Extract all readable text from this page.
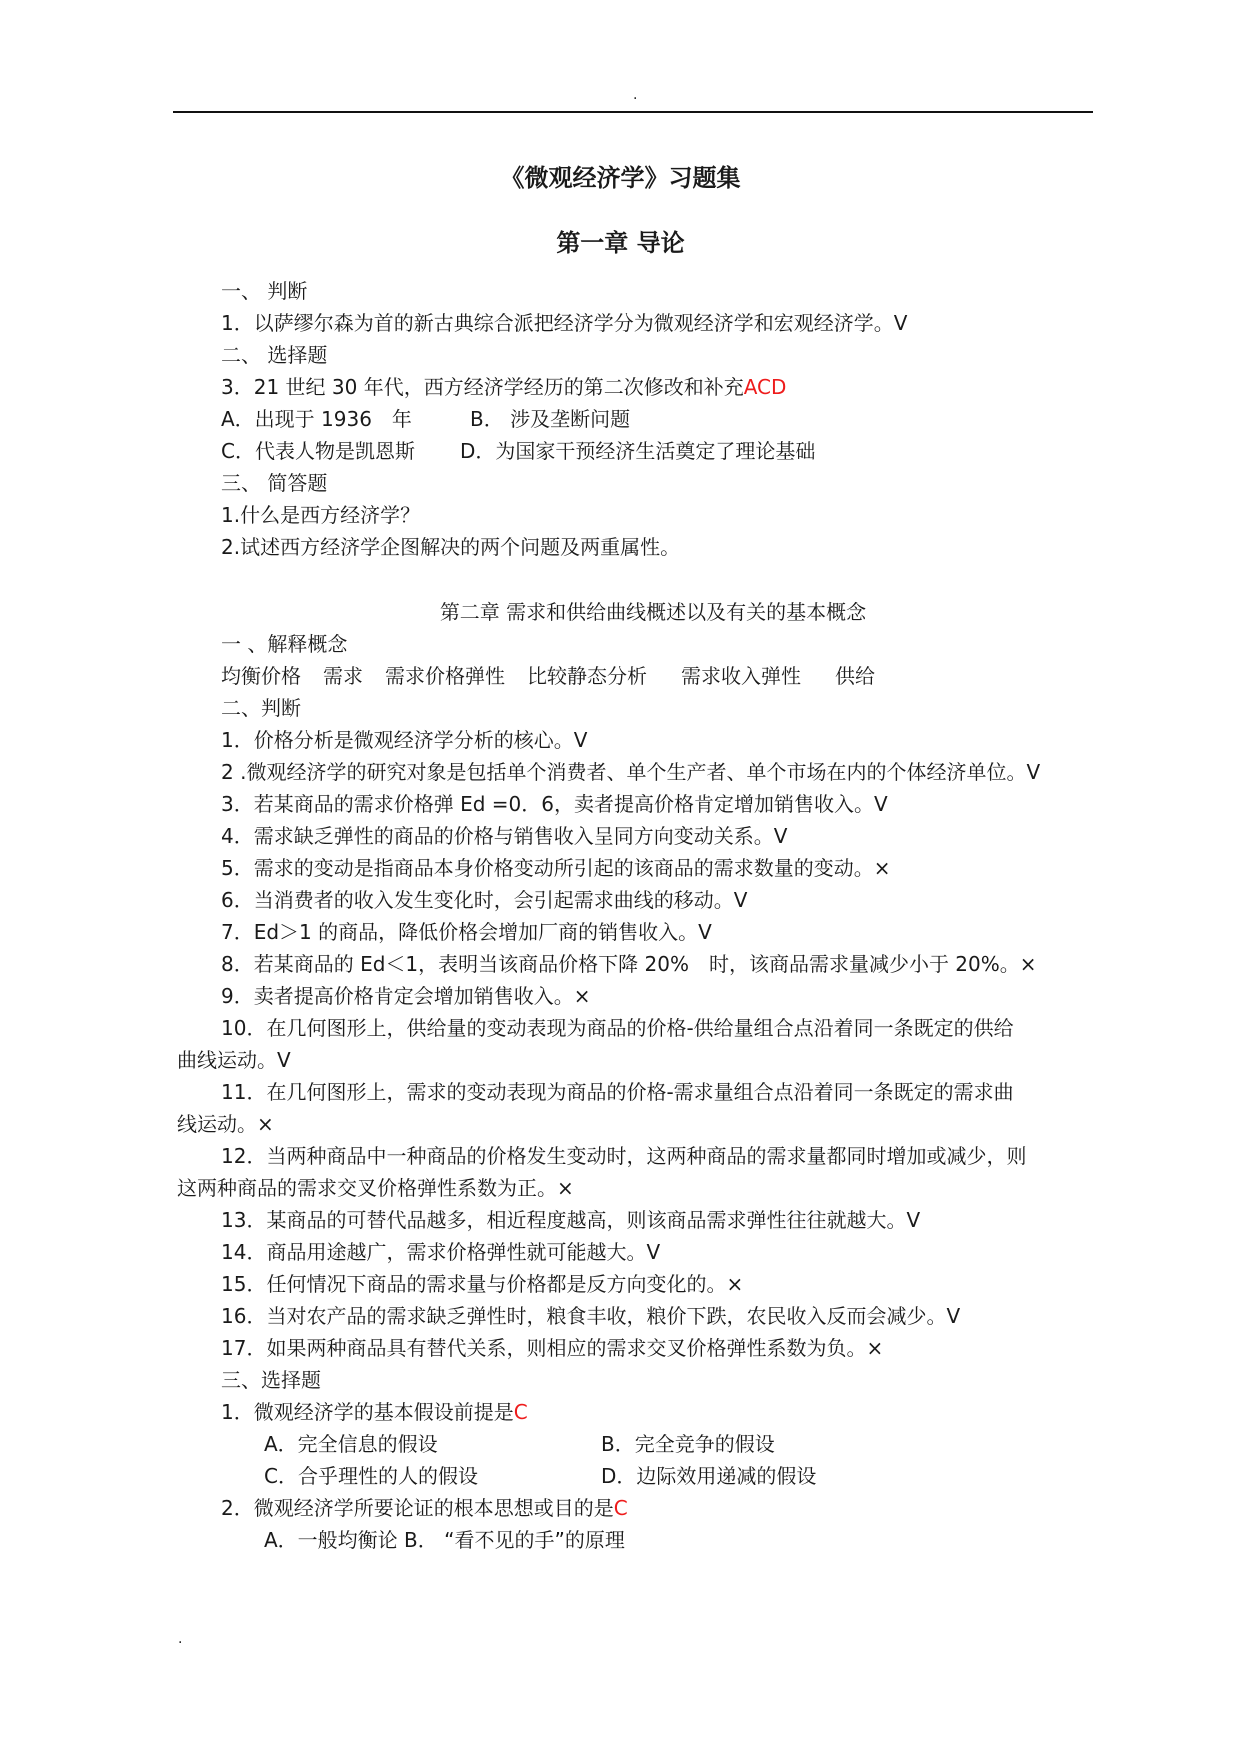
.
《微观经济学》习题集
第一章 导论
一、 判断
1．以萨缪尔森为首的新古典综合派把经济学分为微观经济学和宏观经济学。V
二、 选择题
3．21 世纪 30 年代，西方经济学经历的第二次修改和补充ACD
A．出现于 1936　年	B． 涉及垄断问题
C．代表人物是凯恩斯 D．为国家干预经济生活奠定了理论基础
三、 简答题
1.什么是西方经济学？
2.试述西方经济学企图解决的两个问题及两重属性。
第二章 需求和供给曲线概述以及有关的基本概念
一 、解释概念
均衡价格 需求 需求价格弹性 比较静态分析 需求收入弹性 供给
二、判断
1．价格分析是微观经济学分析的核心。V
2 .微观经济学的研究对象是包括单个消费者、单个生产者、单个市场在内的个体经济单位。V
3．若某商品的需求价格弹 Ed =0．6，卖者提高价格肯定增加销售收入。V
4．需求缺乏弹性的商品的价格与销售收入呈同方向变动关系。V
5．需求的变动是指商品本身价格变动所引起的该商品的需求数量的变动。×
6．当消费者的收入发生变化时，会引起需求曲线的移动。V
7．Ed＞1 的商品，降低价格会增加厂商的销售收入。V
8．若某商品的 Ed＜1，表明当该商品价格下降 20%　时，该商品需求量减少小于 20%。×
9．卖者提高价格肯定会增加销售收入。×
10．在几何图形上，供给量的变动表现为商品的价格-供给量组合点沿着同一条既定的供给
曲线运动。V
11．在几何图形上，需求的变动表现为商品的价格-需求量组合点沿着同一条既定的需求曲
线运动。×
12．当两种商品中一种商品的价格发生变动时，这两种商品的需求量都同时增加或减少，则
这两种商品的需求交叉价格弹性系数为正。×
13．某商品的可替代品越多，相近程度越高，则该商品需求弹性往往就越大。V
14．商品用途越广，需求价格弹性就可能越大。V
15．任何情况下商品的需求量与价格都是反方向变化的。×
16．当对农产品的需求缺乏弹性时，粮食丰收，粮价下跌，农民收入反而会减少。V
17．如果两种商品具有替代关系，则相应的需求交叉价格弹性系数为负。×
三、选择题
1．微观经济学的基本假设前提是C
A．完全信息的假设	B．完全竞争的假设
C．合乎理性的人的假设	D．边际效用递减的假设
2．微观经济学所要论证的根本思想或目的是C
A．一般均衡论 B． “看不见的手”的原理
.
